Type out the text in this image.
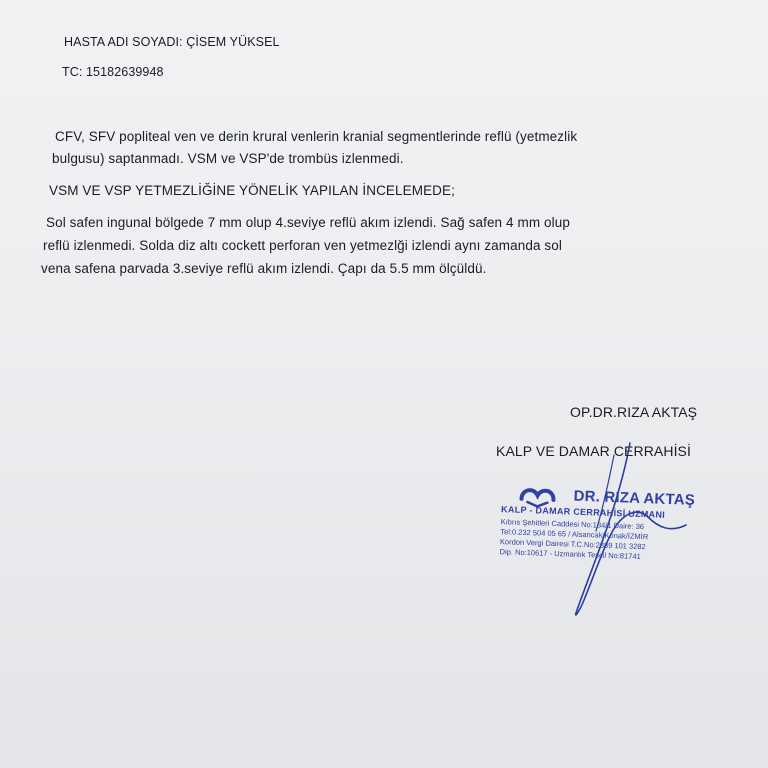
HASTA ADI SOYADI: ÇİSEM YÜKSEL
TC: 15182639948
CFV, SFV popliteal ven ve derin krural venlerin kranial segmentlerinde reflü (yetmezlik
bulgusu) saptanmadı. VSM ve VSP'de trombüs izlenmedi.
VSM VE VSP YETMEZLİĞİNE YÖNELİK YAPILAN İNCELEMEDE;
Sol safen ingunal bölgede 7 mm olup 4.seviye reflü akım izlendi. Sağ safen 4 mm olup
reflü izlenmedi. Solda diz altı cockett perforan ven yetmezlği izlendi aynı zamanda sol
vena safena parvada 3.seviye reflü akım izlendi. Çapı da 5.5 mm ölçüldü.
OP.DR.RIZA AKTAŞ
KALP VE DAMAR CERRAHİSİ
DR. RIZA AKTAŞ
KALP - DAMAR CERRAHİSİ UZMANI
Kıbrıs Şehitleri Caddesi No:134/1 Daire: 36
Tel:0.232 504 05 65 / Alsancak/Konak/İZMİR
Kordon Vergi Dairesi T.C.No:2889 101 3282
Dip. No:10617 - Uzmanlık Tescil No:81741
